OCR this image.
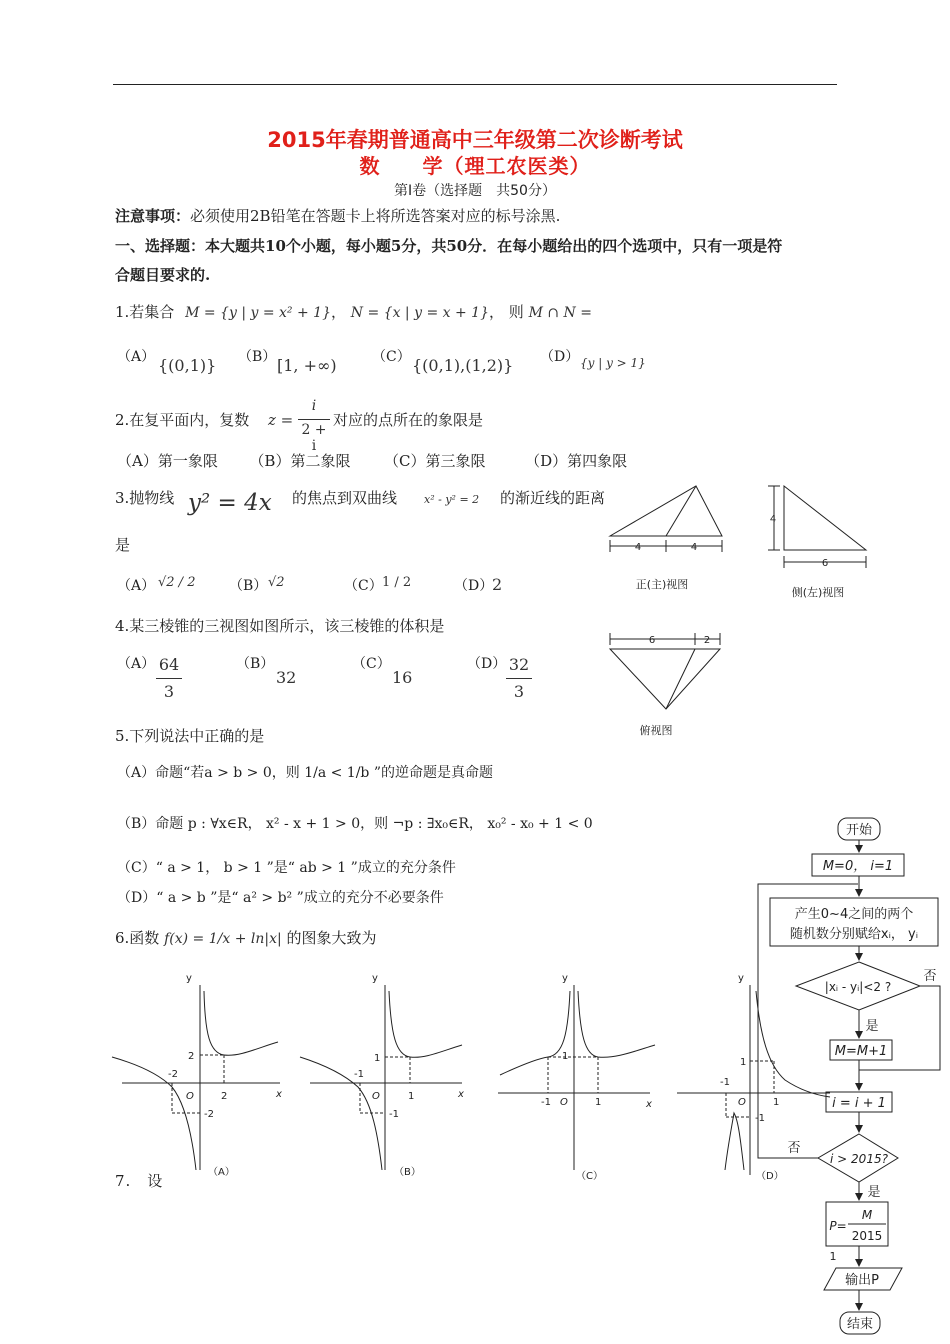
2015年春期普通高中三年级第二次诊断考试
数　　学（理工农医类）
第Ⅰ卷（选择题　共50分）
注意事项：必须使用2B铅笔在答题卡上将所选答案对应的标号涂黑.
一、选择题：本大题共10个小题，每小题5分，共50分．在每小题给出的四个选项中，只有一项是符
合题目要求的.
1.若集合 M = {y | y = x² + 1}， N = {x | y = x + 1}， 则 M ∩ N =
（A） {(0,1)} （B） [1, +∞)	（C） {(0,1),(1,2)} （D） {y | y > 1}
2.在复平面内，复数 z =
i
2 + i
对应的点所在的象限是
（A）第一象限 （B）第二象限 （C）第三象限	（D）第四象限
3.抛物线 y² = 4x 的焦点到双曲线 x² - y² = 2 的渐近线的距离
是
（A） √2 / 2 （B） √2	（C） 1 / 2	（D）
2
4.某三棱锥的三视图如图所示，该三棱锥的体积是
（A） 64
3
（B）
32
（C）
16
（D） 32
3
4	4
4
6
6	2
正(主)视图
侧(左)视图
俯视图
5.下列说法中正确的是
（A）命题“若a > b > 0，则 1/a < 1/b ”的逆命题是真命题
（B）命题 p : ∀x∈R， x² - x + 1 > 0，则 ¬p : ∃x₀∈R， x₀² - x₀ + 1 < 0
（C）“ a > 1， b > 1 ”是“ ab > 1 ”成立的充分条件
（D）“ a > b ”是“ a² > b² ”成立的充分不必要条件
6.函数 f(x) = 1/x + ln|x| 的图象大致为
y
-2
2
O	2
-2
x
（A）
y
-1
1
O	1
-1
x
（B）
y
1
-1 O	1	x
（C）
y
-1
1
O	1
-1
（D）
7.　设
开始
M=0， i=1
产生0~4之间的两个
随机数分别赋给xᵢ， yᵢ
|xᵢ - yᵢ|<2 ?
否
是
M=M+1
i = i + 1
否
i > 2015?
是
P=
M
2015
1
输出P
结束
